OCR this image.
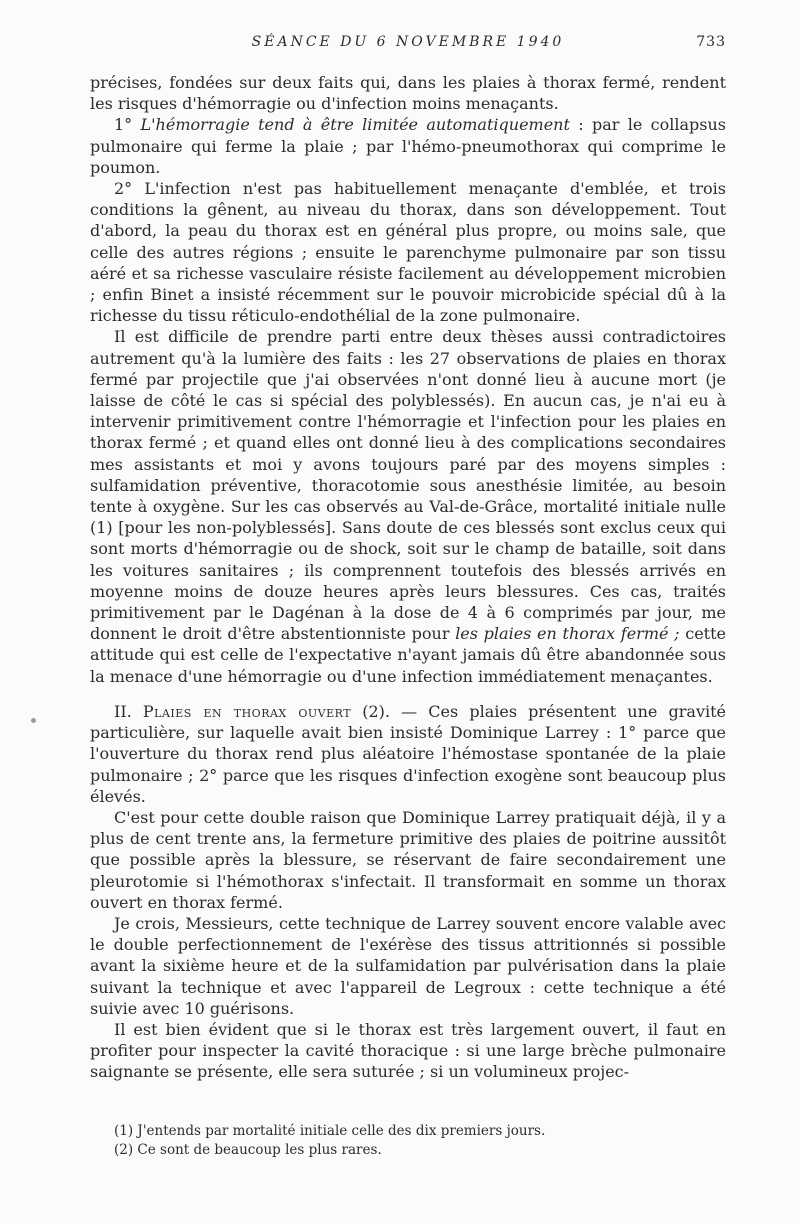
SÉANCE DU 6 NOVEMBRE 1940	733

précises, fondées sur deux faits qui, dans les plaies à thorax fermé, rendent les risques d'hémorragie ou d'infection moins menaçants.

1° L'hémorragie tend à être limitée automatiquement : par le collapsus pulmonaire qui ferme la plaie ; par l'hémo-pneumothorax qui comprime le poumon.

2° L'infection n'est pas habituellement menaçante d'emblée, et trois conditions la gênent, au niveau du thorax, dans son développement. Tout d'abord, la peau du thorax est en général plus propre, ou moins sale, que celle des autres régions ; ensuite le parenchyme pulmonaire par son tissu aéré et sa richesse vasculaire résiste facilement au développement microbien ; enfin Binet a insisté récemment sur le pouvoir microbicide spécial dû à la richesse du tissu réticulo-endothélial de la zone pulmonaire.

Il est difficile de prendre parti entre deux thèses aussi contradictoires autrement qu'à la lumière des faits : les 27 observations de plaies en thorax fermé par projectile que j'ai observées n'ont donné lieu à aucune mort (je laisse de côté le cas si spécial des polyblessés). En aucun cas, je n'ai eu à intervenir primitivement contre l'hémorragie et l'infection pour les plaies en thorax fermé ; et quand elles ont donné lieu à des complications secondaires mes assistants et moi y avons toujours paré par des moyens simples : sulfamidation préventive, thoracotomie sous anesthésie limitée, au besoin tente à oxygène. Sur les cas observés au Val-de-Grâce, mortalité initiale nulle (1) [pour les non-polyblessés]. Sans doute de ces blessés sont exclus ceux qui sont morts d'hémorragie ou de shock, soit sur le champ de bataille, soit dans les voitures sanitaires ; ils comprennent toutefois des blessés arrivés en moyenne moins de douze heures après leurs blessures. Ces cas, traités primitivement par le Dagénan à la dose de 4 à 6 comprimés par jour, me donnent le droit d'être abstentionniste pour les plaies en thorax fermé ; cette attitude qui est celle de l'expectative n'ayant jamais dû être abandonnée sous la menace d'une hémorragie ou d'une infection immédiatement menaçantes.

II. Plaies en thorax ouvert (2). — Ces plaies présentent une gravité particulière, sur laquelle avait bien insisté Dominique Larrey : 1° parce que l'ouverture du thorax rend plus aléatoire l'hémostase spontanée de la plaie pulmonaire ; 2° parce que les risques d'infection exogène sont beaucoup plus élevés.

C'est pour cette double raison que Dominique Larrey pratiquait déjà, il y a plus de cent trente ans, la fermeture primitive des plaies de poitrine aussitôt que possible après la blessure, se réservant de faire secondairement une pleurotomie si l'hémothorax s'infectait. Il transformait en somme un thorax ouvert en thorax fermé.

Je crois, Messieurs, cette technique de Larrey souvent encore valable avec le double perfectionnement de l'exérèse des tissus attritionnés si possible avant la sixième heure et de la sulfamidation par pulvérisation dans la plaie suivant la technique et avec l'appareil de Legroux : cette technique a été suivie avec 10 guérisons.

Il est bien évident que si le thorax est très largement ouvert, il faut en profiter pour inspecter la cavité thoracique : si une large brèche pulmonaire saignante se présente, elle sera suturée ; si un volumineux projec-

(1) J'entends par mortalité initiale celle des dix premiers jours.
(2) Ce sont de beaucoup les plus rares.
